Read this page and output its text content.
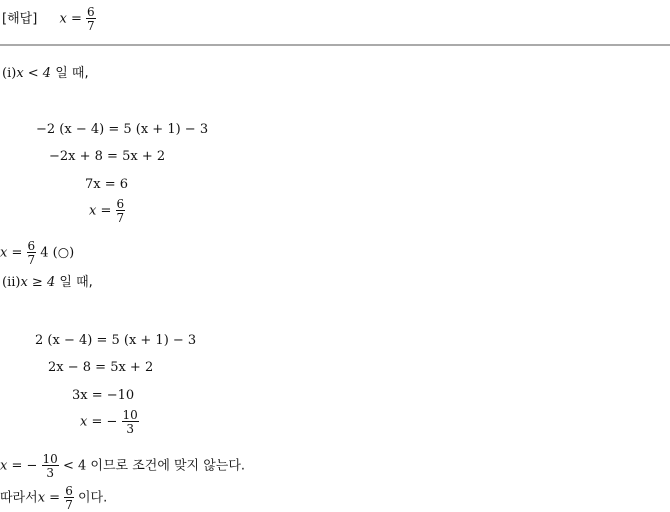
[해답] $x = \frac{6}{7}$
(ⅰ)x < 4 일 때,
−2 (x − 4) = 5 (x + 1) − 3
−2x + 8 = 5x + 2
7x = 6
$x = \frac{6}{7}$
$x = \frac{6}{7} 4$ (○)
(ⅱ)x ≥ 4 일 때,
2 (x − 4) = 5 (x + 1) − 3
2x − 8 = 5x + 2
3x = −10
x = − $\frac{10}{3}$
x = − $\frac{10}{3} < 4$ 이므로 조건에 맞지 않는다.
따라서$x = \frac{6}{7}$ 이다.
